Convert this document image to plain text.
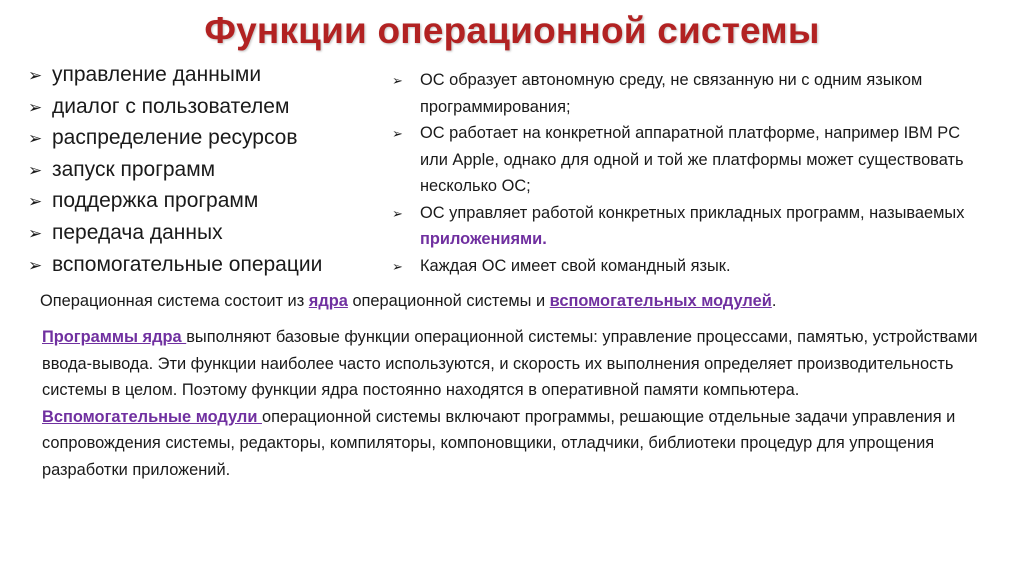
Функции операционной системы
➢ управление данными
➢ диалог с пользователем
➢ распределение ресурсов
➢ запуск программ
➢ поддержка программ
➢ передача данных
➢ вспомогательные операции
➢	ОС образует автономную среду, не связанную ни с одним языком программирования;
➢	ОС работает на конкретной аппаратной платформе, например IBM PC или Apple, однако для одной и той же платформы может существовать несколько ОС;
➢	ОС управляет работой конкретных прикладных программ, называемых приложениями.
➢	Каждая ОС имеет свой командный язык.
Операционная система состоит из ядра операционной системы и вспомогательных модулей.

Программы ядра выполняют базовые функции операционной системы: управление процессами, памятью, устройствами ввода-вывода. Эти функции наиболее часто используются, и скорость их выполнения определяет производительность системы в целом. Поэтому функции ядра постоянно находятся в оперативной памяти компьютера.

Вспомогательные модули операционной системы включают программы, решающие отдельные задачи управления и сопровождения системы, редакторы, компиляторы, компоновщики, отладчики, библиотеки процедур для упрощения разработки приложений.
